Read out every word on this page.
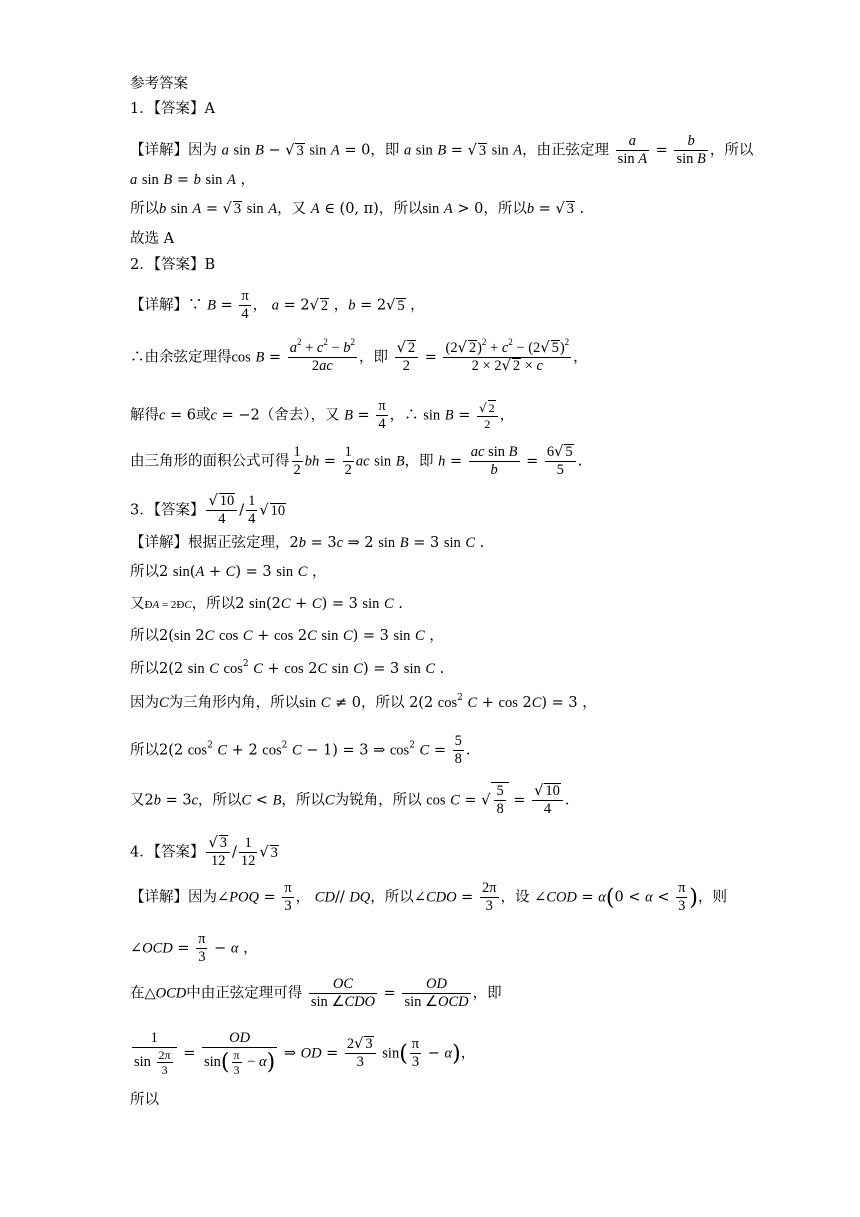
参考答案
1．【答案】A
【详解】因为 a sin B − √ 3 sin A = 0，即 a sin B = √ 3 sin A，由正弦定理 $\frac{a}{\text{sin A}} = \frac{b}{\text{sin B}}$ ，所以
a sin B = b sin A ，
所以b sin A = √ 3 sin A，又 A ∈ (0, π)，所以sin A > 0，所以b = √ 3 .
故选 A
2．【答案】B
【详解】∵ $B = \frac{\pi}{4}$ ， a = 2√ 2 ，b = 2√ 5 ，
∴由余弦定理得$\cos B = \frac{a^2 + c^2 - b^2}{2ac}$ ，即 $\frac{√ 2}{2} = \frac{(2√ 2)^2 + c^2 - (2√ 5)^2}{2 \times 2√ 2 \times c}$ ，
解得c = 6或c = −2（舍去），又 $B = \frac{\pi}{4}$ ，∴ $\sin B = \frac{√ 2}{2}$ ，
由三角形的面积公式可得 $\frac{1}{2}$ bh = $\frac{1}{2}$ ac sin B，即 $h = \frac{\text{ac sin B}}{b} = \frac{6√ 5}{5}$ .
3．【答案】 $\frac{√ 10}{4} / \frac{1}{4}$ √ 10
【详解】根据正弦定理，2b = 3c ⇒ 2 sin B = 3 sin C .
所以2 sin(A + C) = 3 sin C ，
又ÐA = 2ÐC，所以2 sin(2C + C) = 3 sin C .
所以2(sin 2C cos C + cos 2C sin C) = 3 sin C ，
所以2(2 sin C $\cos^2 C + \cos 2C$ sin C) = 3 sin C .
因为C为三角形内角，所以sin C ≠ 0，所以 2(2 $\cos^2 C + \cos 2C) = 3$ ，
所以2(2 $\cos^2 C + 2$ $\cos^2 C - 1) = 3$ ⇒ $\cos^2 C = \frac{5}{8}$ .
又2b = 3c，所以C < B，所以C为锐角，所以 cos C = √ $\frac{5}{8} = \frac{√ 10}{4}$ .
4．【答案】 $\frac{√ 3}{12} / \frac{1}{12}$ √ 3
【详解】因为∠POQ = $\frac{\pi}{3}$ ， CD// DQ，所以∠CDO = $\frac{2\pi}{3}$ ，设 ∠COD = $\alpha(0 < \alpha < \frac{\pi}{3}$ )，则
∠OCD = $\frac{\pi}{3} - \alpha$ ，
在△OCD中由正弦定理可得 $\frac{OC}{\text{sin ∠CDO}} = \frac{OD}{\text{sin ∠OCD}}$ ，即
$\frac{1}{\sin \frac{2\pi}{3}} = \frac{OD}{\sin( \frac{\pi}{3} - \alpha)}$ ⇒ OD = $\frac{2√ 3}{3} \sin( \frac{\pi}{3} - \alpha)$，
所以
